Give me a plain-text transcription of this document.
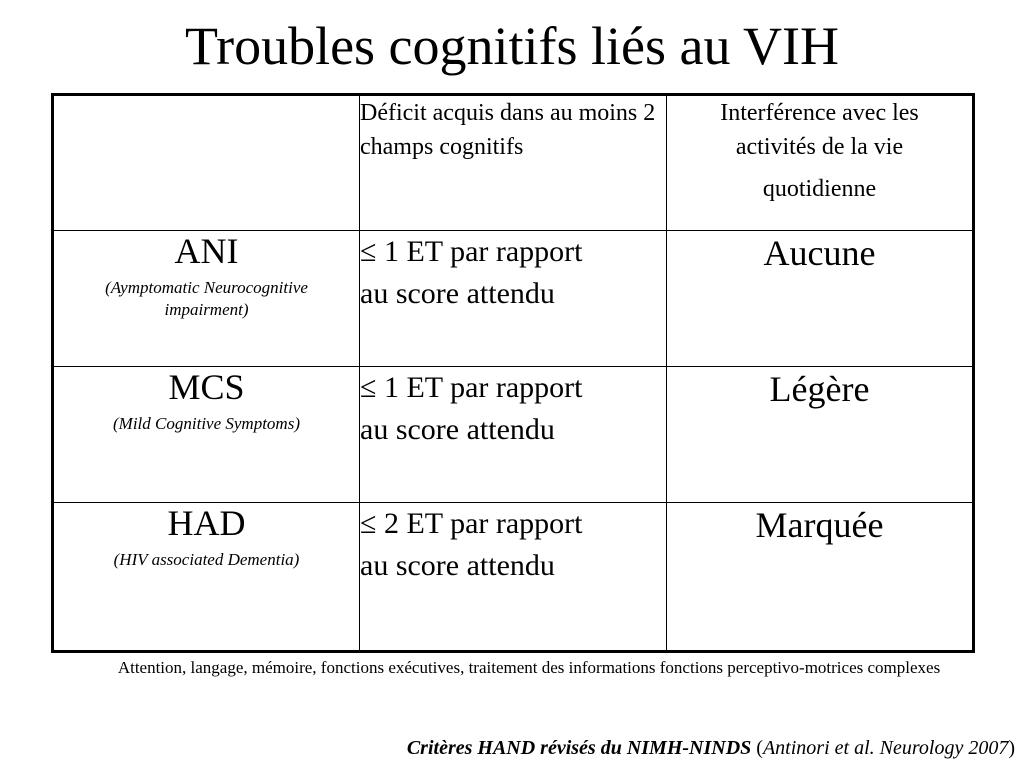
Troubles cognitifs liés au VIH
	Déficit acquis dans au moins 2 champs cognitifs	Interférence avec les
activités de la vie
quotidienne

ANI
(Aymptomatic Neurocognitive impairment)	≤ 1 ET par rapport
au score attendu	Aucune

MCS
(Mild Cognitive Symptoms)	≤ 1 ET par rapport
au score attendu	Légère

HAD
(HIV associated Dementia)	≤ 2 ET par rapport
au score attendu	Marquée

Attention, langage, mémoire, fonctions exécutives, traitement des informations fonctions perceptivo-motrices complexes

Critères HAND révisés du NIMH-NINDS (Antinori et al. Neurology 2007)
